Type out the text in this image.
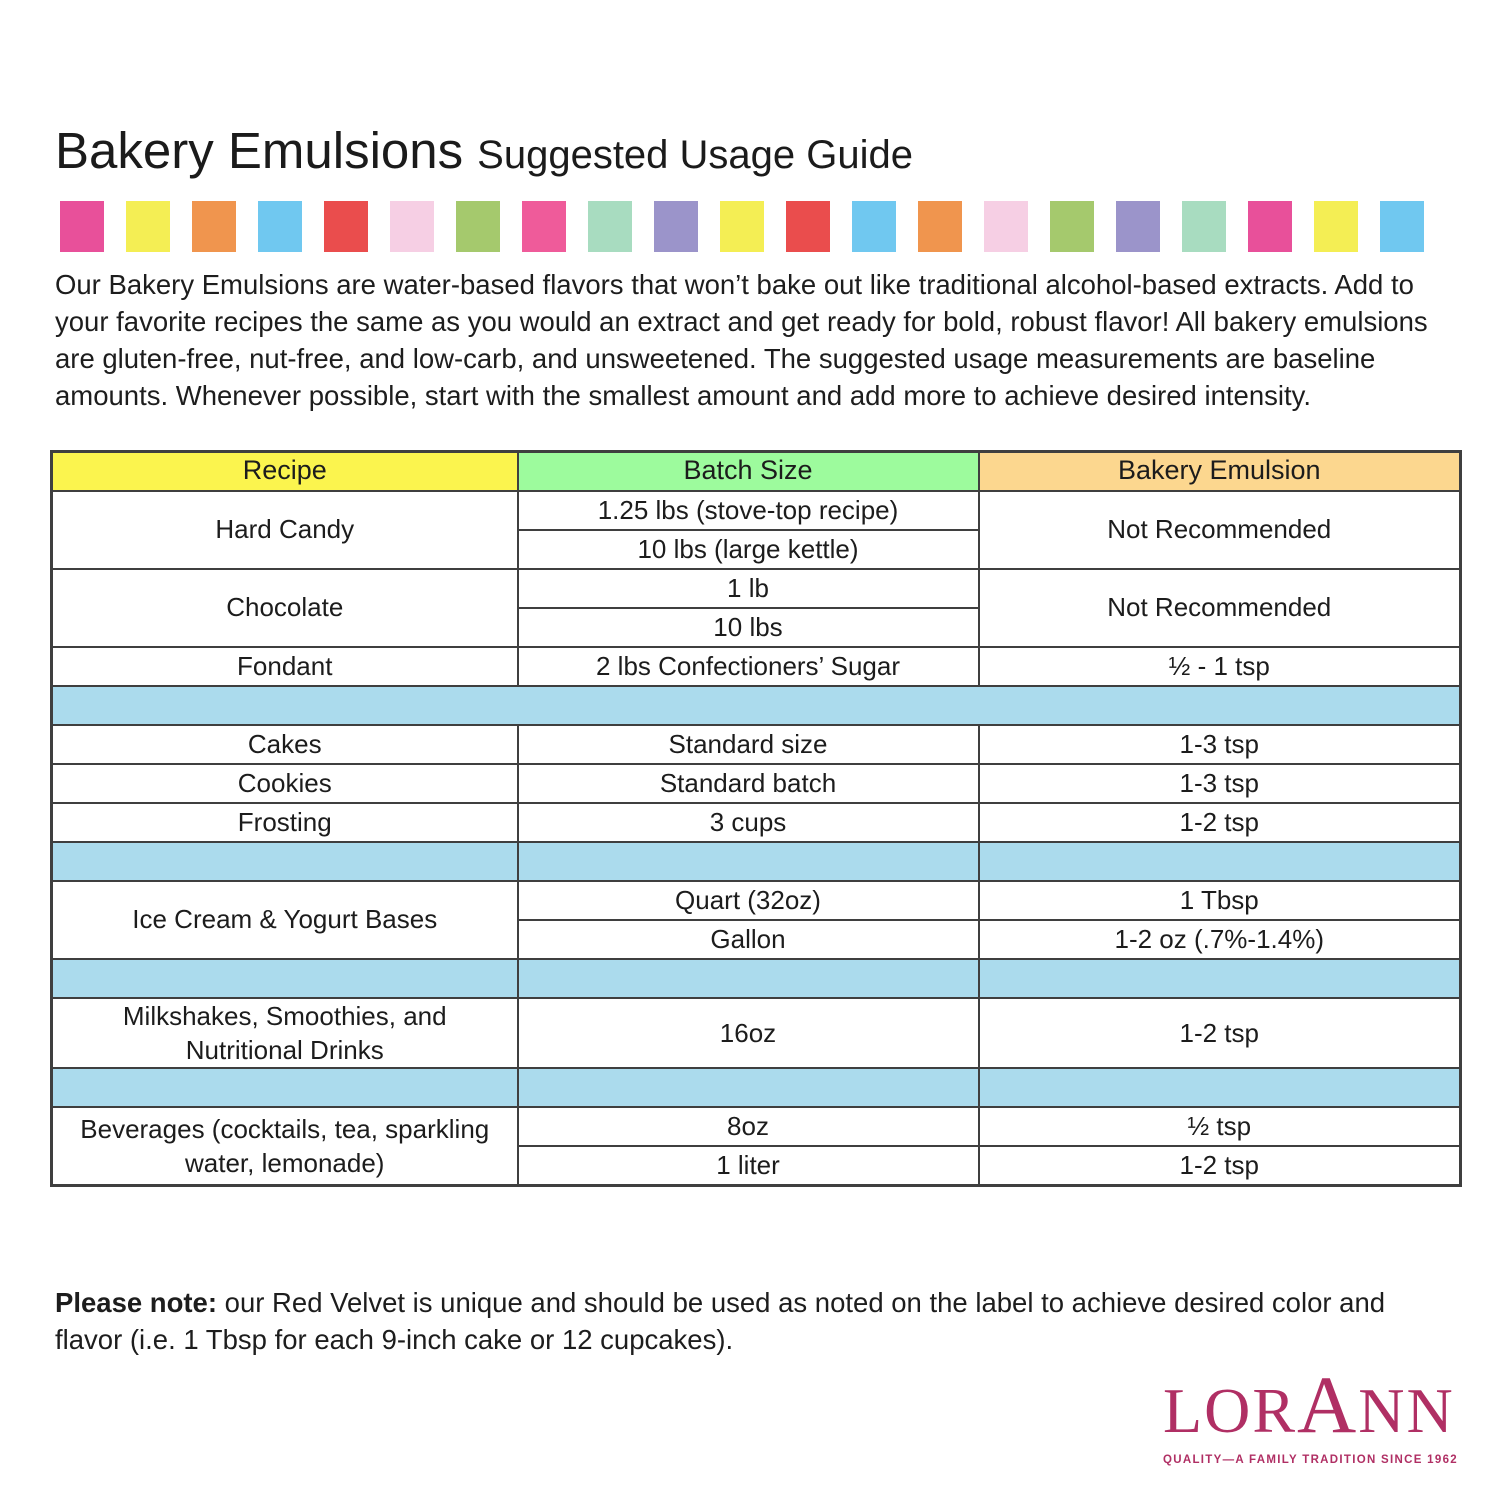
Bakery Emulsions Suggested Usage Guide

Our Bakery Emulsions are water-based flavors that won’t bake out like traditional alcohol-based extracts. Add to your favorite recipes the same as you would an extract and get ready for bold, robust flavor! All bakery emulsions are gluten-free, nut-free, and low-carb, and unsweetened. The suggested usage measurements are baseline amounts. Whenever possible, start with the smallest amount and add more to achieve desired intensity.

Recipe	Batch Size	Bakery Emulsion
Hard Candy	1.25 lbs (stove-top recipe)	Not Recommended
	10 lbs (large kettle)	
Chocolate	1 lb	Not Recommended
	10 lbs	
Fondant	2 lbs Confectioners’ Sugar	½ - 1 tsp

Cakes	Standard size	1-3 tsp
Cookies	Standard batch	1-3 tsp
Frosting	3 cups	1-2 tsp

Ice Cream & Yogurt Bases	Quart (32oz)	1 Tbsp
	Gallon	1-2 oz (.7%-1.4%)

Milkshakes, Smoothies, and Nutritional Drinks	16oz	1-2 tsp

Beverages (cocktails, tea, sparkling water, lemonade)	8oz	½ tsp
	1 liter	1-2 tsp

Please note: our Red Velvet is unique and should be used as noted on the label to achieve desired color and flavor (i.e. 1 Tbsp for each 9-inch cake or 12 cupcakes).

LORANN
QUALITY—A FAMILY TRADITION SINCE 1962
